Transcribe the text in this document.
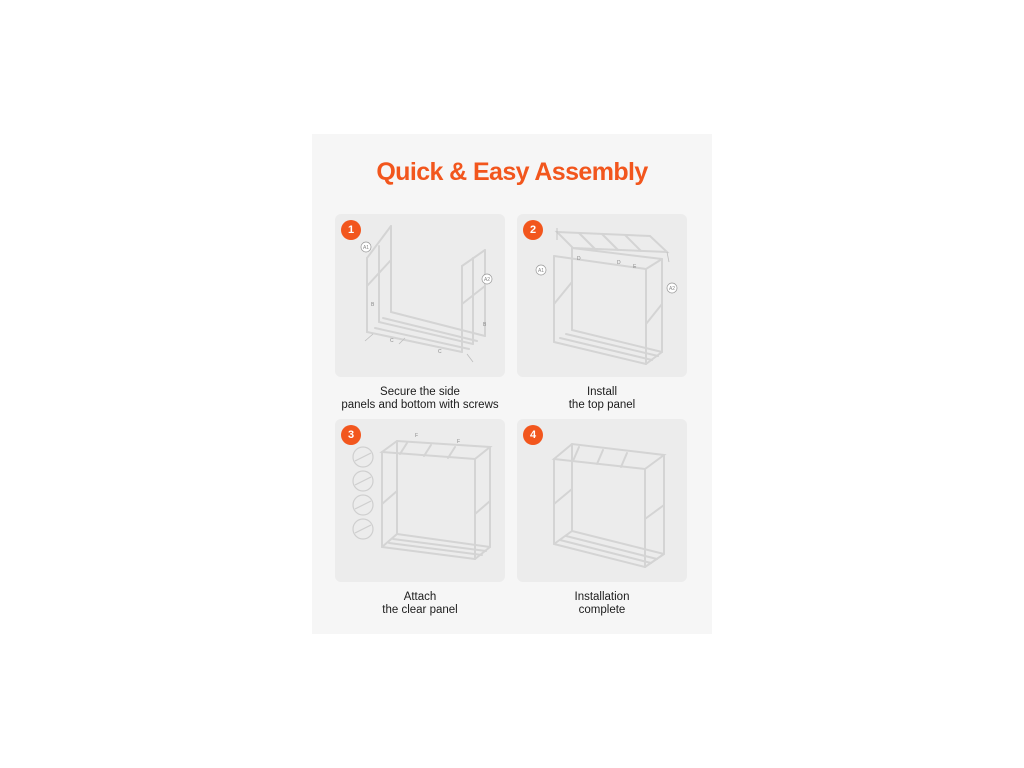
Quick & Easy Assembly
A1
A2
B
B
C
C
1
Secure the side
panels and bottom with screws
A1
A2
D
D
E
2
Install
the top panel
F
F
3
Attach
the clear panel
4
Installation
complete
